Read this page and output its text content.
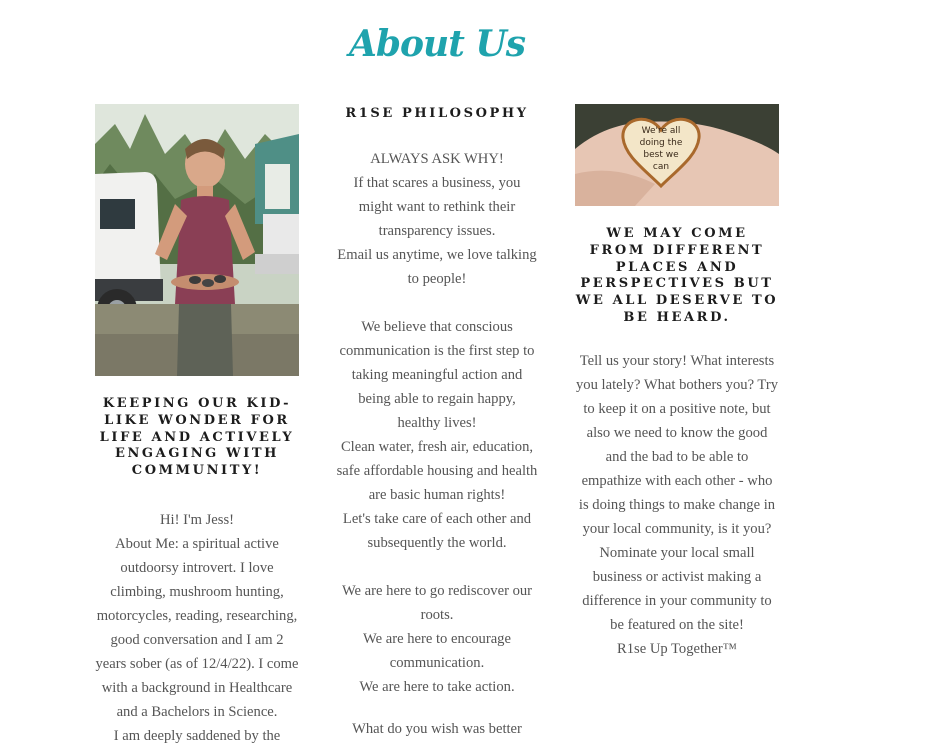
About Us
KEEPING OUR KID-LIKE WONDER FOR LIFE AND ACTIVELY ENGAGING WITH COMMUNITY!

Hi! I'm Jess!

About Me: a spiritual active outdoorsy introvert. I love climbing, mushroom hunting, motorcycles, reading, researching, good conversation and I am 2 years sober (as of 12/4/22). I come with a background in Healthcare and a Bachelors in Science.

I am deeply saddened by the

R1SE PHILOSOPHY

ALWAYS ASK WHY!

If that scares a business, you might want to rethink their transparency issues.

Email us anytime, we love talking to people!

We believe that conscious communication is the first step to taking meaningful action and being able to regain happy, healthy lives!

Clean water, fresh air, education, safe affordable housing and health are basic human rights!

Let's take care of each other and subsequently the world.

We are here to go rediscover our roots.

We are here to encourage communication.

We are here to take action.

What do you wish was better

We're all
doing the
best we
can
WE MAY COME FROM DIFFERENT PLACES AND PERSPECTIVES BUT WE ALL DESERVE TO BE HEARD.

Tell us your story! What interests you lately? What bothers you? Try to keep it on a positive note, but also we need to know the good and the bad to be able to empathize with each other - who is doing things to make change in your local community, is it you? Nominate your local small business or activist making a difference in your community to be featured on the site!

R1se Up Together™
